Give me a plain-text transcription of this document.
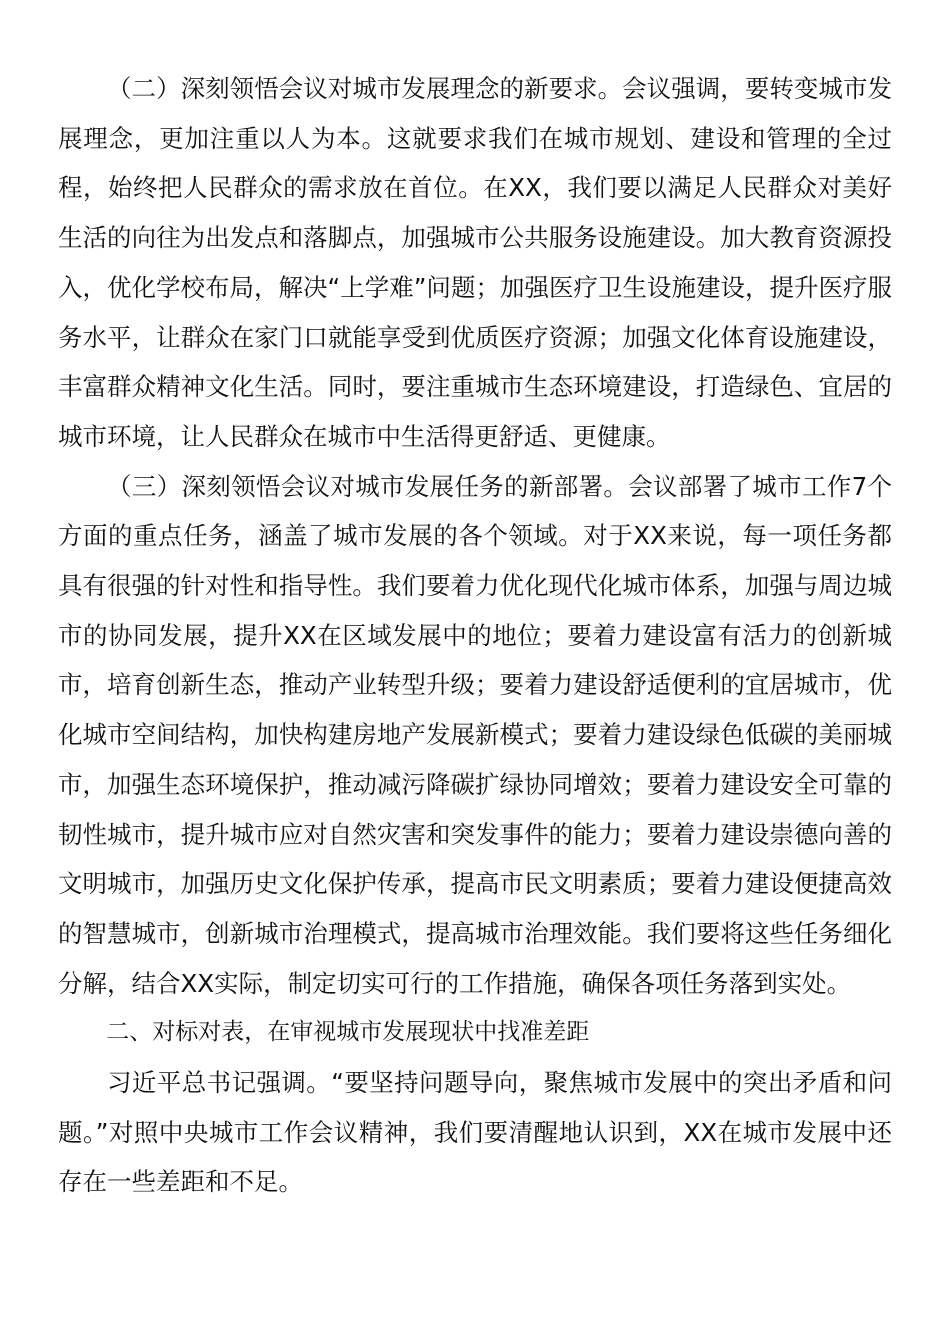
（二）深刻领悟会议对城市发展理念的新要求。会议强调，要转变城市发展理念，更加注重以人为本。这就要求我们在城市规划、建设和管理的全过程，始终把人民群众的需求放在首位。在XX，我们要以满足人民群众对美好生活的向往为出发点和落脚点，加强城市公共服务设施建设。加大教育资源投入，优化学校布局，解决“上学难”问题；加强医疗卫生设施建设，提升医疗服务水平，让群众在家门口就能享受到优质医疗资源；加强文化体育设施建设，丰富群众精神文化生活。同时，要注重城市生态环境建设，打造绿色、宜居的城市环境，让人民群众在城市中生活得更舒适、更健康。

（三）深刻领悟会议对城市发展任务的新部署。会议部署了城市工作7个方面的重点任务，涵盖了城市发展的各个领域。对于XX来说，每一项任务都具有很强的针对性和指导性。我们要着力优化现代化城市体系，加强与周边城市的协同发展，提升XX在区域发展中的地位；要着力建设富有活力的创新城市，培育创新生态，推动产业转型升级；要着力建设舒适便利的宜居城市，优化城市空间结构，加快构建房地产发展新模式；要着力建设绿色低碳的美丽城市，加强生态环境保护，推动减污降碳扩绿协同增效；要着力建设安全可靠的韧性城市，提升城市应对自然灾害和突发事件的能力；要着力建设崇德向善的文明城市，加强历史文化保护传承，提高市民文明素质；要着力建设便捷高效的智慧城市，创新城市治理模式，提高城市治理效能。我们要将这些任务细化分解，结合XX实际，制定切实可行的工作措施，确保各项任务落到实处。

二、对标对表，在审视城市发展现状中找准差距

习近平总书记强调。“要坚持问题导向，聚焦城市发展中的突出矛盾和问题。”对照中央城市工作会议精神，我们要清醒地认识到，XX在城市发展中还存在一些差距和不足。
